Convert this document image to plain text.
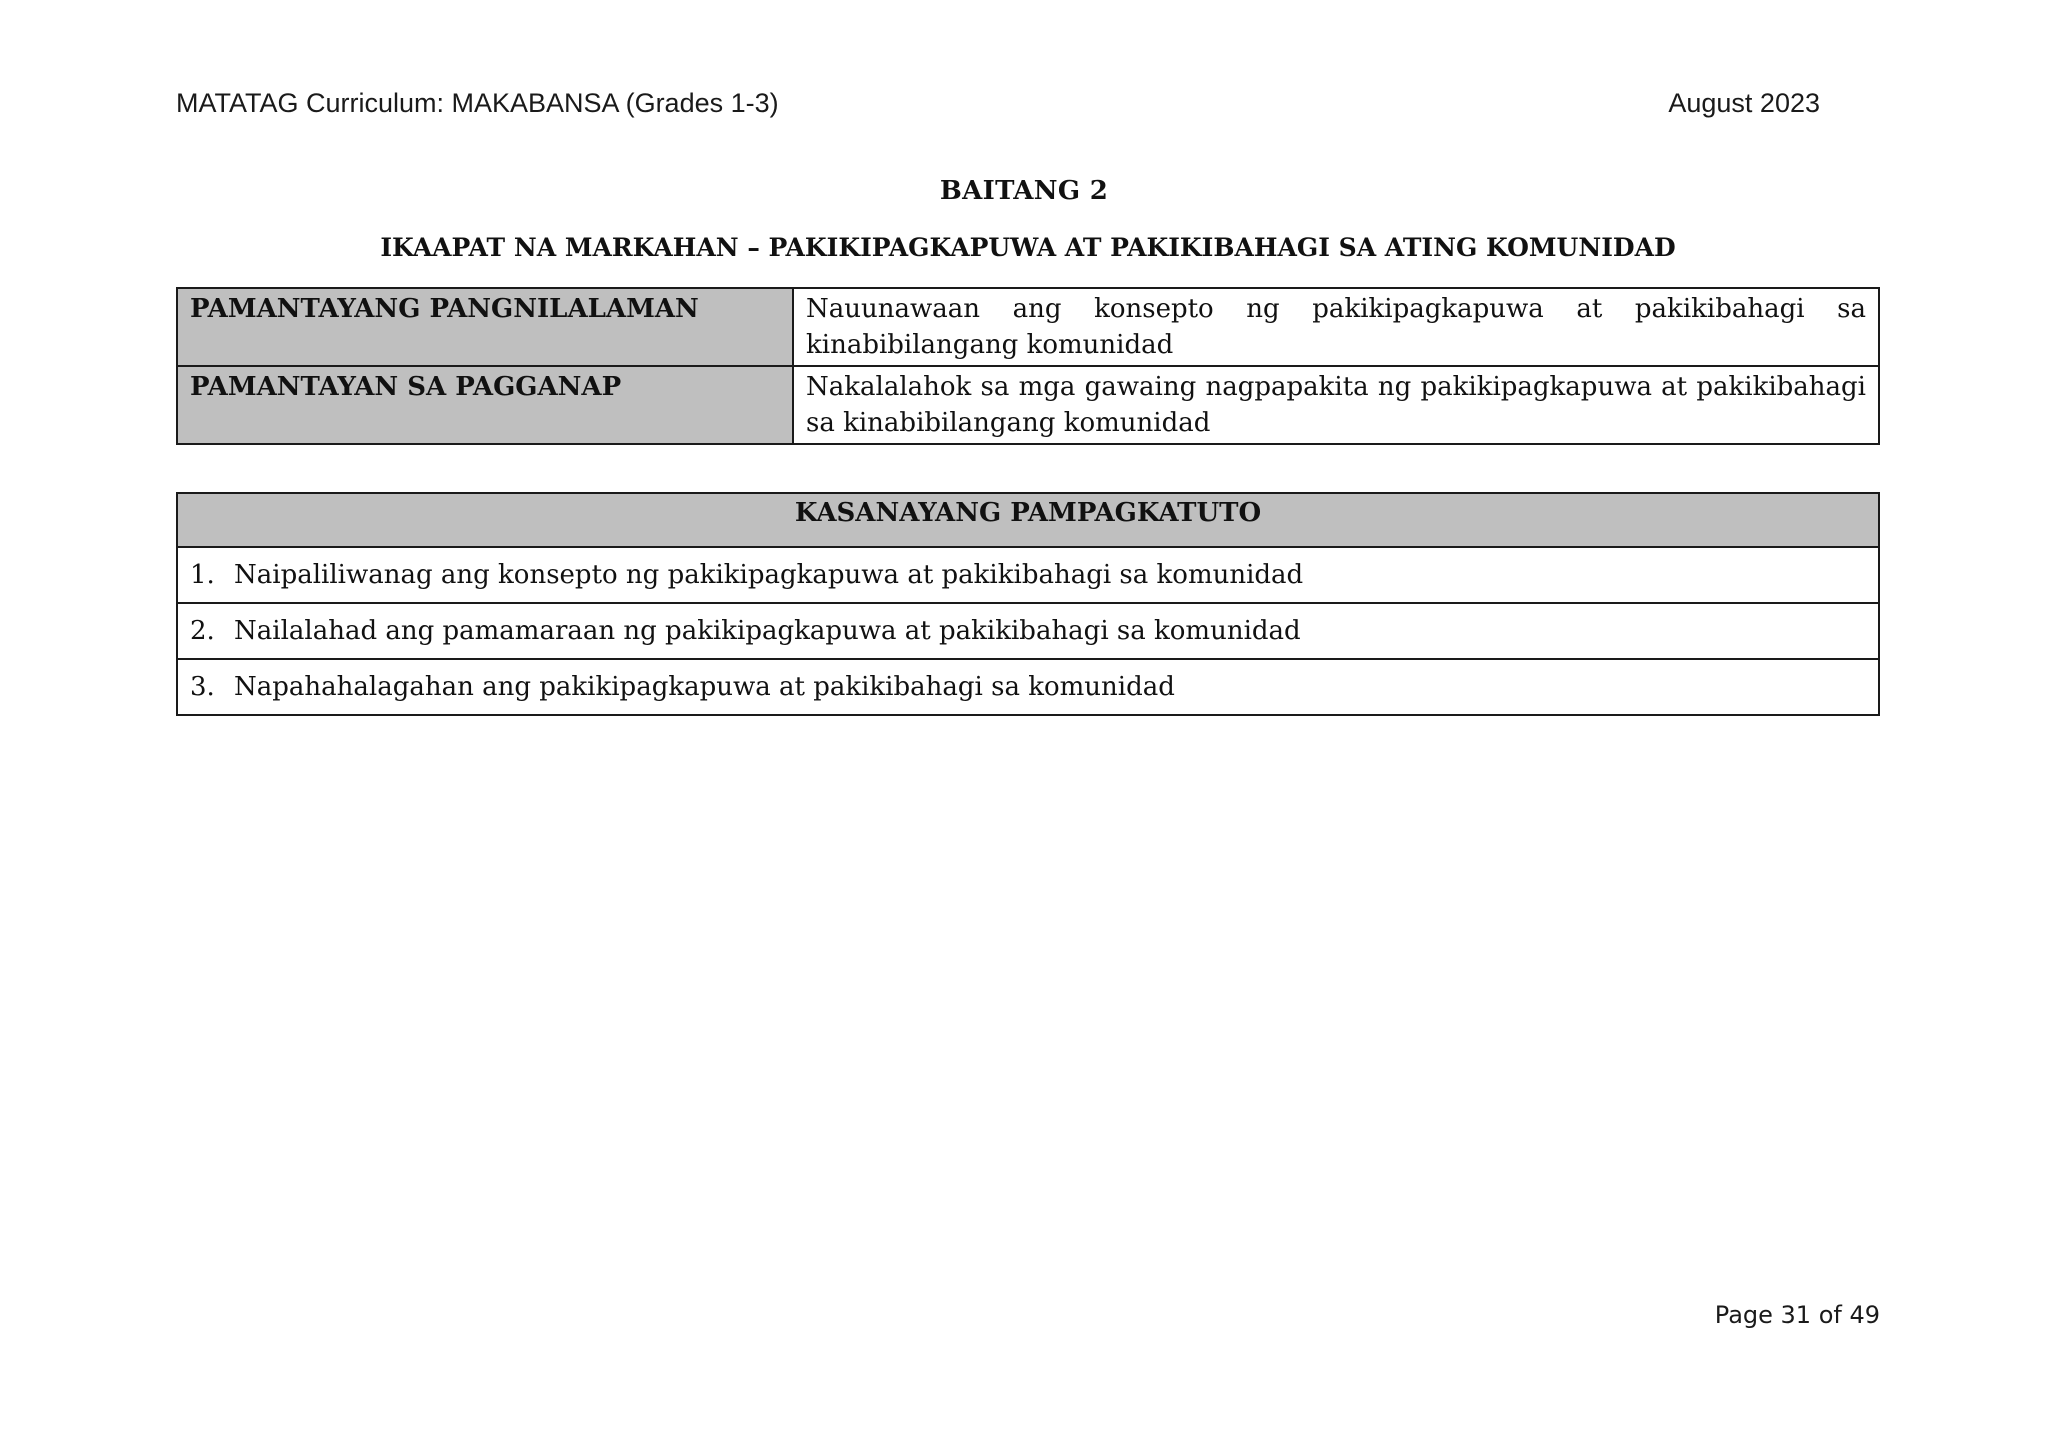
MATATAG Curriculum: MAKABANSA (Grades 1-3)	August 2023
BAITANG 2
IKAAPAT NA MARKAHAN – PAKIKIPAGKAPUWA AT PAKIKIBAHAGI SA ATING KOMUNIDAD
PAMANTAYANG PANGNILALAMAN	Nauunawaan ang konsepto ng pakikipagkapuwa at pakikibahagi sa kinabibilangang komunidad
PAMANTAYAN SA PAGGANAP	Nakalalahok sa mga gawaing nagpapakita ng pakikipagkapuwa at pakikibahagi sa kinabibilangang komunidad
KASANAYANG PAMPAGKATUTO
1. Naipaliliwanag ang konsepto ng pakikipagkapuwa at pakikibahagi sa komunidad
2. Nailalahad ang pamamaraan ng pakikipagkapuwa at pakikibahagi sa komunidad
3. Napahahalagahan ang pakikipagkapuwa at pakikibahagi sa komunidad
Page 31 of 49
